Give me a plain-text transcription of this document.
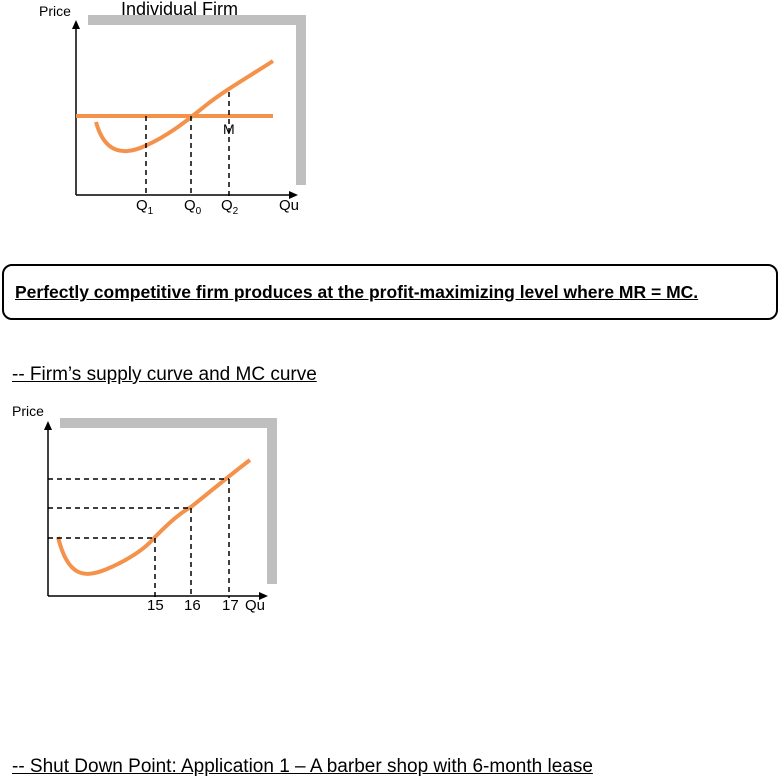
Individual Firm
Price
M
Qu
$Q_1$ $Q_0$ $Q_2$
Perfectly competitive firm produces at the profit-maximizing level where MR = MC.
-- Firm’s supply curve and MC curve
Price
15 16 17 Qu
-- Shut Down Point: Application 1 – A barber shop with 6-month lease
